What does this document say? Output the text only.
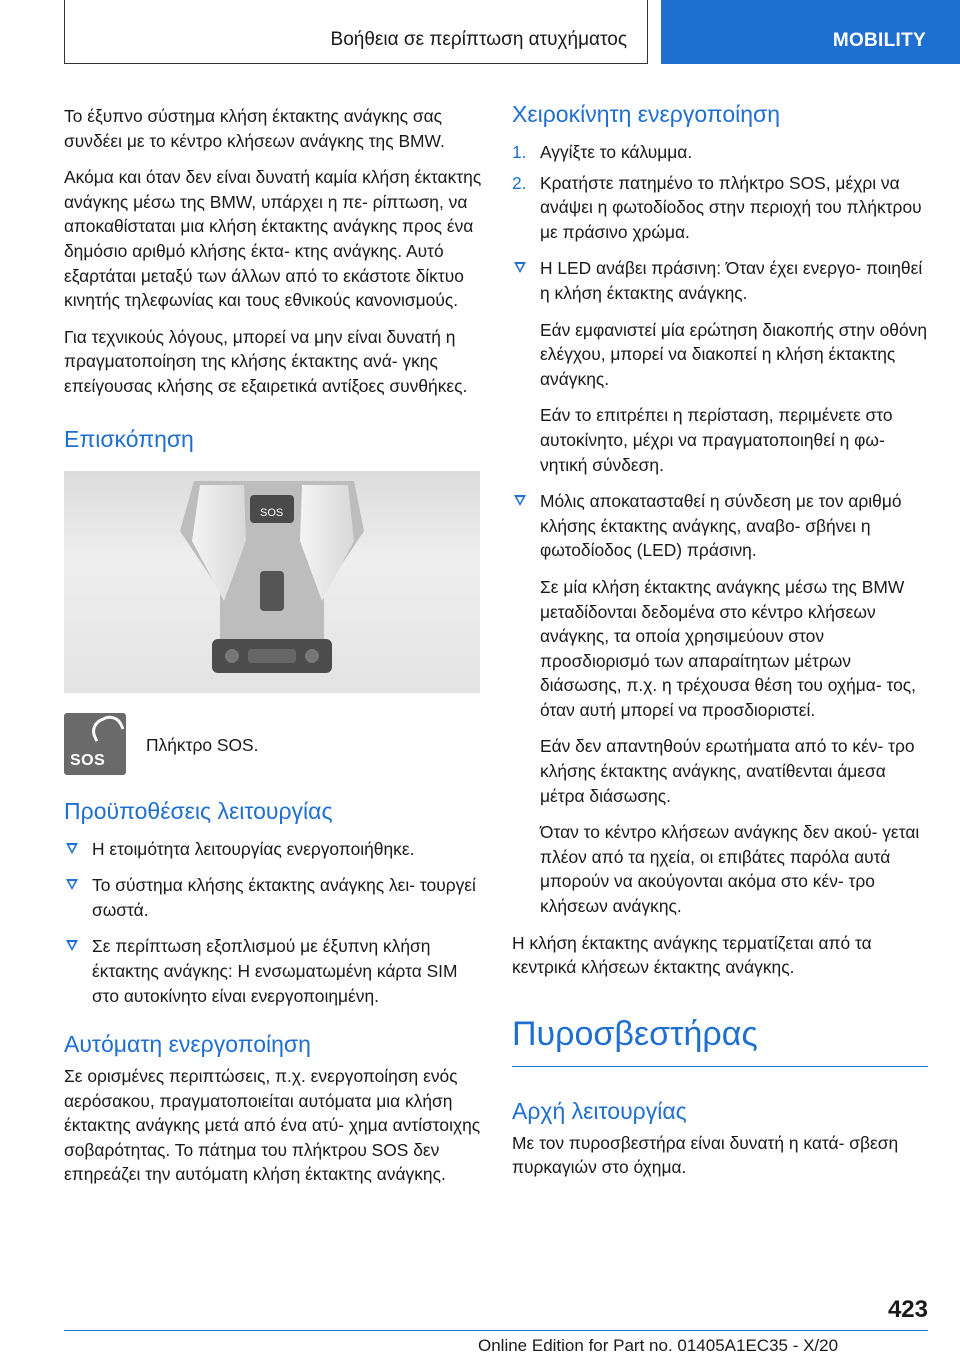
Βοήθεια σε περίπτωση ατυχήματος	MOBILITY

Το έξυπνο σύστημα κλήση έκτακτης ανάγκης σας συνδέει με το κέντρο κλήσεων ανάγκης της BMW.

Ακόμα και όταν δεν είναι δυνατή καμία κλήση έκτακτης ανάγκης μέσω της BMW, υπάρχει η πε- ρίπτωση, να αποκαθίσταται μια κλήση έκτακτης ανάγκης προς ένα δημόσιο αριθμό κλήσης έκτα- κτης ανάγκης. Αυτό εξαρτάται μεταξύ των άλλων από το εκάστοτε δίκτυο κινητής τηλεφωνίας και τους εθνικούς κανονισμούς.

Για τεχνικούς λόγους, μπορεί να μην είναι δυνατή η πραγματοποίηση της κλήσης έκτακτης ανά- γκης επείγουσας κλήσης σε εξαιρετικά αντίξοες συνθήκες.

Επισκόπηση
SOS
SOS
Πλήκτρο SOS.
Προϋποθέσεις λειτουργίας
Η ετοιμότητα λειτουργίας ενεργοποιήθηκε.
Το σύστημα κλήσης έκτακτης ανάγκης λει- τουργεί σωστά.
Σε περίπτωση εξοπλισμού με έξυπνη κλήση έκτακτης ανάγκης: Η ενσωματωμένη κάρτα SIM στο αυτοκίνητο είναι ενεργοποιημένη.
Αυτόματη ενεργοποίηση

Σε ορισμένες περιπτώσεις, π.χ. ενεργοποίηση ενός αερόσακου, πραγματοποιείται αυτόματα μια κλήση έκτακτης ανάγκης μετά από ένα ατύ- χημα αντίστοιχης σοβαρότητας. Το πάτημα του πλήκτρου SOS δεν επηρεάζει την αυτόματη κλήση έκτακτης ανάγκης.

Χειροκίνητη ενεργοποίηση
1. Αγγίξτε το κάλυμμα.
2. Κρατήστε πατημένο το πλήκτρο SOS, μέχρι να ανάψει η φωτοδίοδος στην περιοχή του πλήκτρου με πράσινο χρώμα.
Η LED ανάβει πράσινη: Όταν έχει ενεργο- ποιηθεί η κλήση έκτακτης ανάγκης.
Εάν εμφανιστεί μία ερώτηση διακοπής στην οθόνη ελέγχου, μπορεί να διακοπεί η κλήση έκτακτης ανάγκης.
Εάν το επιτρέπει η περίσταση, περιμένετε στο αυτοκίνητο, μέχρι να πραγματοποιηθεί η φω- νητική σύνδεση.
Μόλις αποκατασταθεί η σύνδεση με τον αριθμό κλήσης έκτακτης ανάγκης, αναβο- σβήνει η φωτοδίοδος (LED) πράσινη.
Σε μία κλήση έκτακτης ανάγκης μέσω της BMW μεταδίδονται δεδομένα στο κέντρο κλήσεων ανάγκης, τα οποία χρησιμεύουν στον προσδιορισμό των απαραίτητων μέτρων διάσωσης, π.χ. η τρέχουσα θέση του οχήμα- τος, όταν αυτή μπορεί να προσδιοριστεί.
Εάν δεν απαντηθούν ερωτήματα από το κέν- τρο κλήσης έκτακτης ανάγκης, ανατίθενται άμεσα μέτρα διάσωσης.
Όταν το κέντρο κλήσεων ανάγκης δεν ακού- γεται πλέον από τα ηχεία, οι επιβάτες παρόλα αυτά μπορούν να ακούγονται ακόμα στο κέν- τρο κλήσεων ανάγκης.

Η κλήση έκτακτης ανάγκης τερματίζεται από τα κεντρικά κλήσεων έκτακτης ανάγκης.

Πυροσβεστήρας
Αρχή λειτουργίας

Με τον πυροσβεστήρα είναι δυνατή η κατά- σβεση πυρκαγιών στο όχημα.

423
Online Edition for Part no. 01405A1EC35 - X/20
